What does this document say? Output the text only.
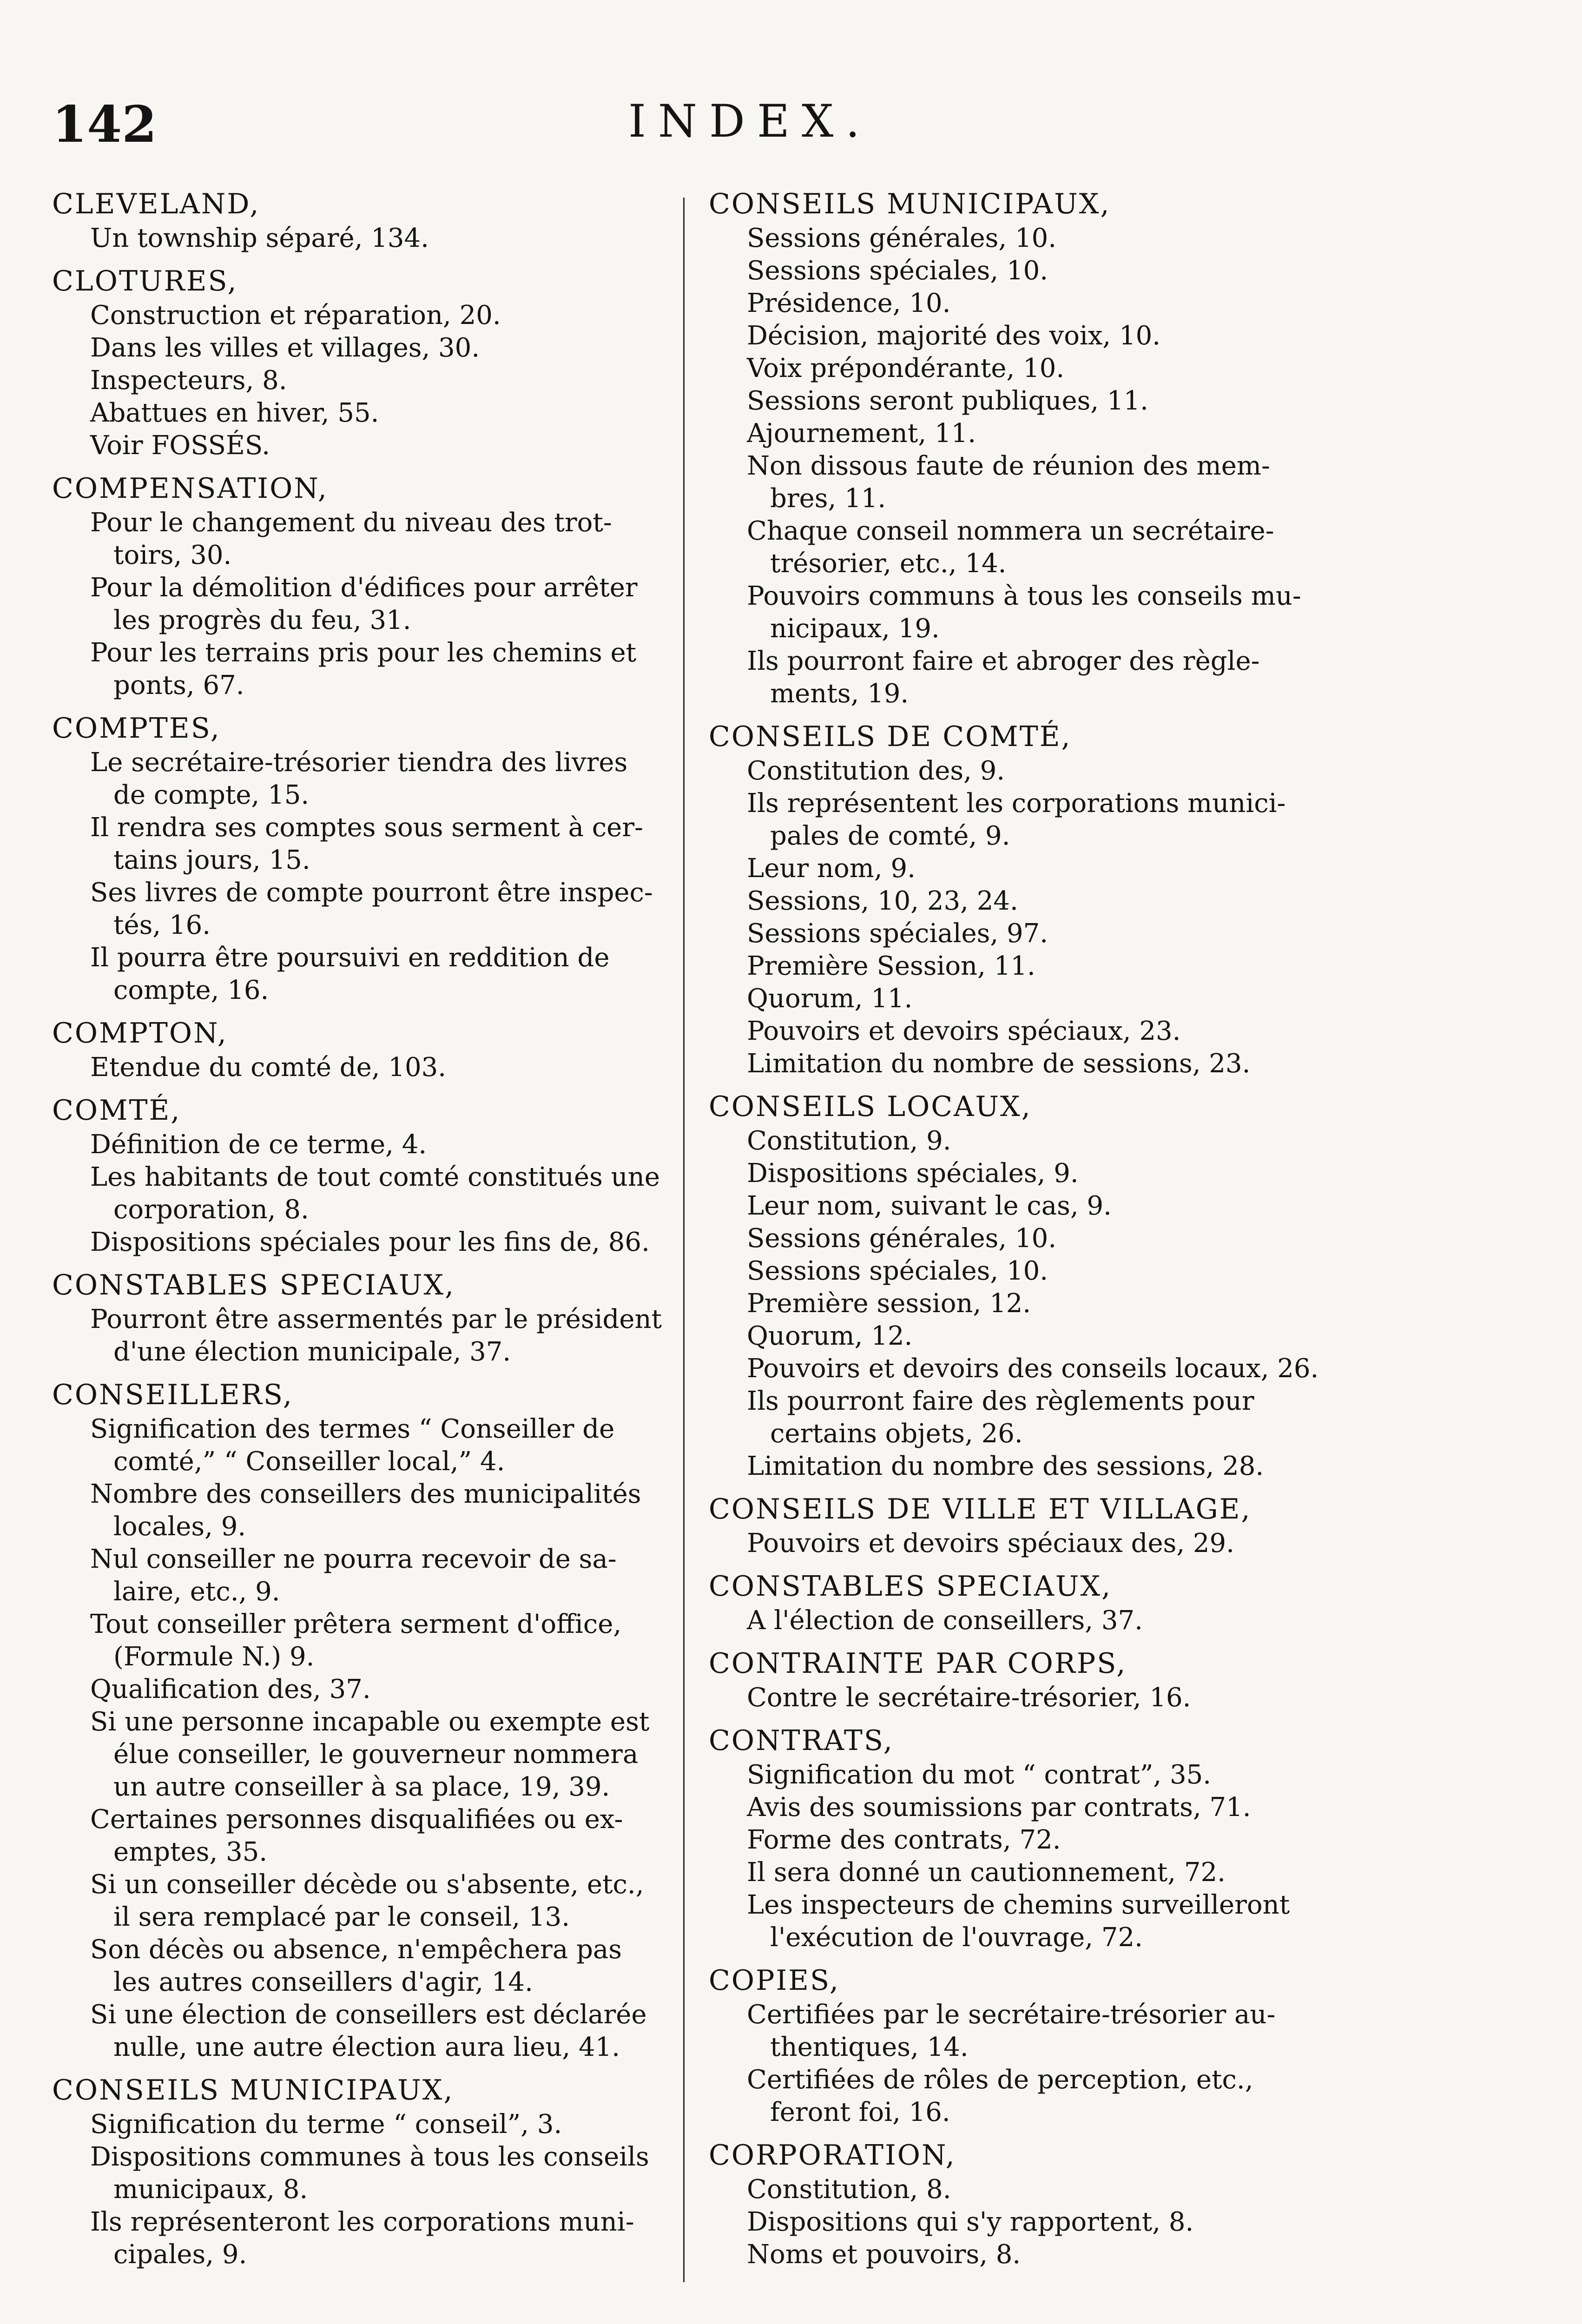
142	INDEX.
CLEVELAND,
Un township séparé, 134.
CLOTURES,
Construction et réparation, 20.
Dans les villes et villages, 30.
Inspecteurs, 8.
Abattues en hiver, 55.
Voir FOSSÉS.
COMPENSATION,
Pour le changement du niveau des trot-
toirs, 30.
Pour la démolition d'édifices pour arrêter
les progrès du feu, 31.
Pour les terrains pris pour les chemins et
ponts, 67.
COMPTES,
Le secrétaire-trésorier tiendra des livres
de compte, 15.
Il rendra ses comptes sous serment à cer-
tains jours, 15.
Ses livres de compte pourront être inspec-
tés, 16.
Il pourra être poursuivi en reddition de
compte, 16.
COMPTON,
Etendue du comté de, 103.
COMTÉ,
Définition de ce terme, 4.
Les habitants de tout comté constitués une
corporation, 8.
Dispositions spéciales pour les fins de, 86.
CONSTABLES SPECIAUX,
Pourront être assermentés par le président
d'une élection municipale, 37.
CONSEILLERS,
Signification des termes “ Conseiller de
comté,” “ Conseiller local,” 4.
Nombre des conseillers des municipalités
locales, 9.
Nul conseiller ne pourra recevoir de sa-
laire, etc., 9.
Tout conseiller prêtera serment d'office,
(Formule N.) 9.
Qualification des, 37.
Si une personne incapable ou exempte est
élue conseiller, le gouverneur nommera
un autre conseiller à sa place, 19, 39.
Certaines personnes disqualifiées ou ex-
emptes, 35.
Si un conseiller décède ou s'absente, etc.,
il sera remplacé par le conseil, 13.
Son décès ou absence, n'empêchera pas
les autres conseillers d'agir, 14.
Si une élection de conseillers est déclarée
nulle, une autre élection aura lieu, 41.
CONSEILS MUNICIPAUX,
Signification du terme “ conseil”, 3.
Dispositions communes à tous les conseils
municipaux, 8.
Ils représenteront les corporations muni-
cipales, 9.
CONSEILS MUNICIPAUX,
Sessions générales, 10.
Sessions spéciales, 10.
Présidence, 10.
Décision, majorité des voix, 10.
Voix prépondérante, 10.
Sessions seront publiques, 11.
Ajournement, 11.
Non dissous faute de réunion des mem-
bres, 11.
Chaque conseil nommera un secrétaire-
trésorier, etc., 14.
Pouvoirs communs à tous les conseils mu-
nicipaux, 19.
Ils pourront faire et abroger des règle-
ments, 19.
CONSEILS DE COMTÉ,
Constitution des, 9.
Ils représentent les corporations munici-
pales de comté, 9.
Leur nom, 9.
Sessions, 10, 23, 24.
Sessions spéciales, 97.
Première Session, 11.
Quorum, 11.
Pouvoirs et devoirs spéciaux, 23.
Limitation du nombre de sessions, 23.
CONSEILS LOCAUX,
Constitution, 9.
Dispositions spéciales, 9.
Leur nom, suivant le cas, 9.
Sessions générales, 10.
Sessions spéciales, 10.
Première session, 12.
Quorum, 12.
Pouvoirs et devoirs des conseils locaux, 26.
Ils pourront faire des règlements pour
certains objets, 26.
Limitation du nombre des sessions, 28.
CONSEILS DE VILLE ET VILLAGE,
Pouvoirs et devoirs spéciaux des, 29.
CONSTABLES SPECIAUX,
A l'élection de conseillers, 37.
CONTRAINTE PAR CORPS,
Contre le secrétaire-trésorier, 16.
CONTRATS,
Signification du mot “ contrat”, 35.
Avis des soumissions par contrats, 71.
Forme des contrats, 72.
Il sera donné un cautionnement, 72.
Les inspecteurs de chemins surveilleront
l'exécution de l'ouvrage, 72.
COPIES,
Certifiées par le secrétaire-trésorier au-
thentiques, 14.
Certifiées de rôles de perception, etc.,
feront foi, 16.
CORPORATION,
Constitution, 8.
Dispositions qui s'y rapportent, 8.
Noms et pouvoirs, 8.
